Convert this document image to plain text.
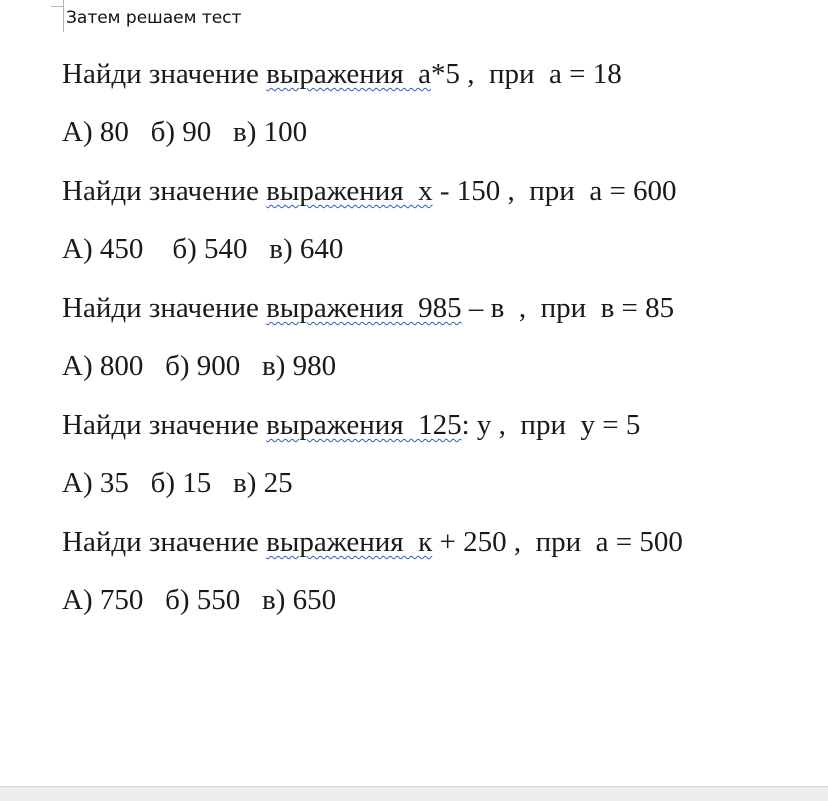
Затем решаем тест
Найди значение выражения  а*5 ,  при  а = 18
А) 80   б) 90   в) 100
Найди значение выражения  х - 150 ,  при  а = 600
А) 450    б) 540   в) 640
Найди значение выражения  985 – в  ,  при  в = 85
А) 800   б) 900   в) 980
Найди значение выражения  125: у ,  при  у = 5
А) 35   б) 15   в) 25
Найди значение выражения  к + 250 ,  при  а = 500
А) 750   б) 550   в) 650
